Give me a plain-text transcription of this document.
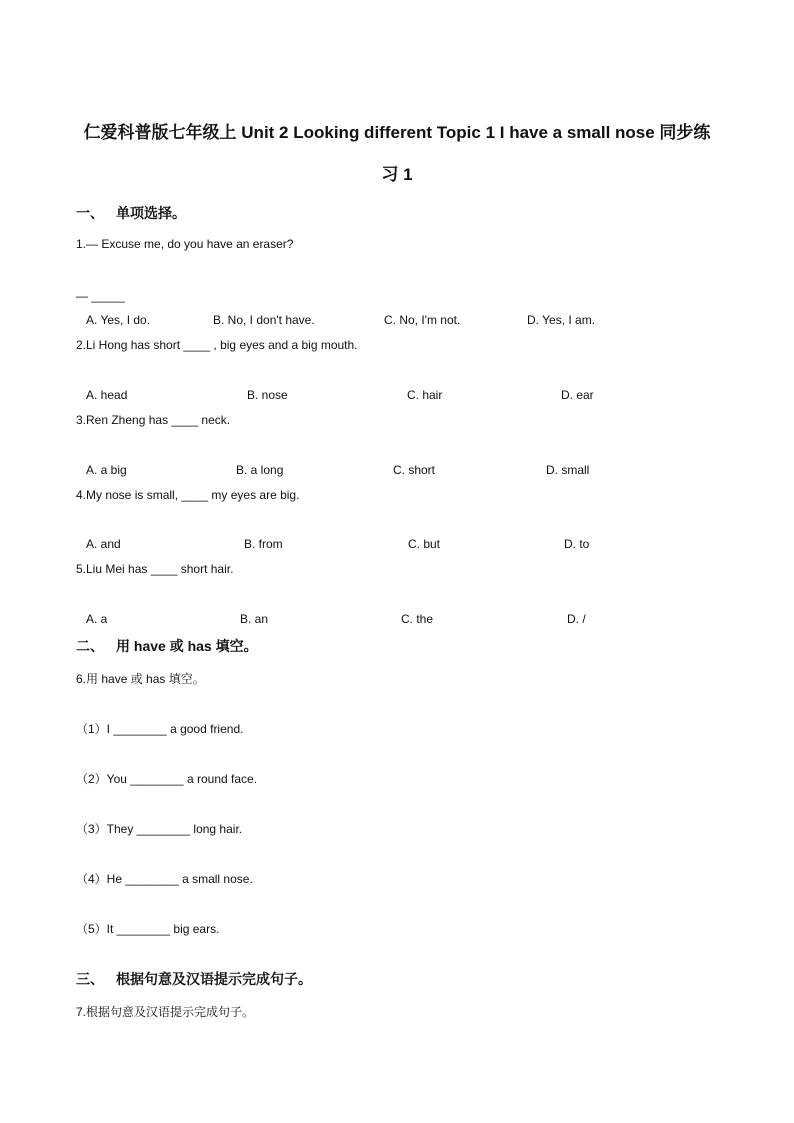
仁爱科普版七年级上 Unit 2 Looking different Topic 1 I have a small nose 同步练
习 1
一、 单项选择。
1.— Excuse me, do you have an eraser?
— _____
A. Yes, I do.	B. No, I don't have.	C. No, I'm not.	D. Yes, I am.
2.Li Hong has short ____ , big eyes and a big mouth.
A. head	B. nose	C. hair	D. ear
3.Ren Zheng has ____ neck.
A. a big	B. a long	C. short	D. small
4.My nose is small, ____ my eyes are big.
A. and	B. from	C. but	D. to
5.Liu Mei has ____ short hair.
A. a	B. an	C. the	D. /
二、 用 have 或 has 填空。
6.用 have 或 has 填空。
（1）I ________ a good friend.
（2）You ________ a round face.
（3）They ________ long hair.
（4）He ________ a small nose.
（5）It ________ big ears.
三、 根据句意及汉语提示完成句子。
7.根据句意及汉语提示完成句子。
